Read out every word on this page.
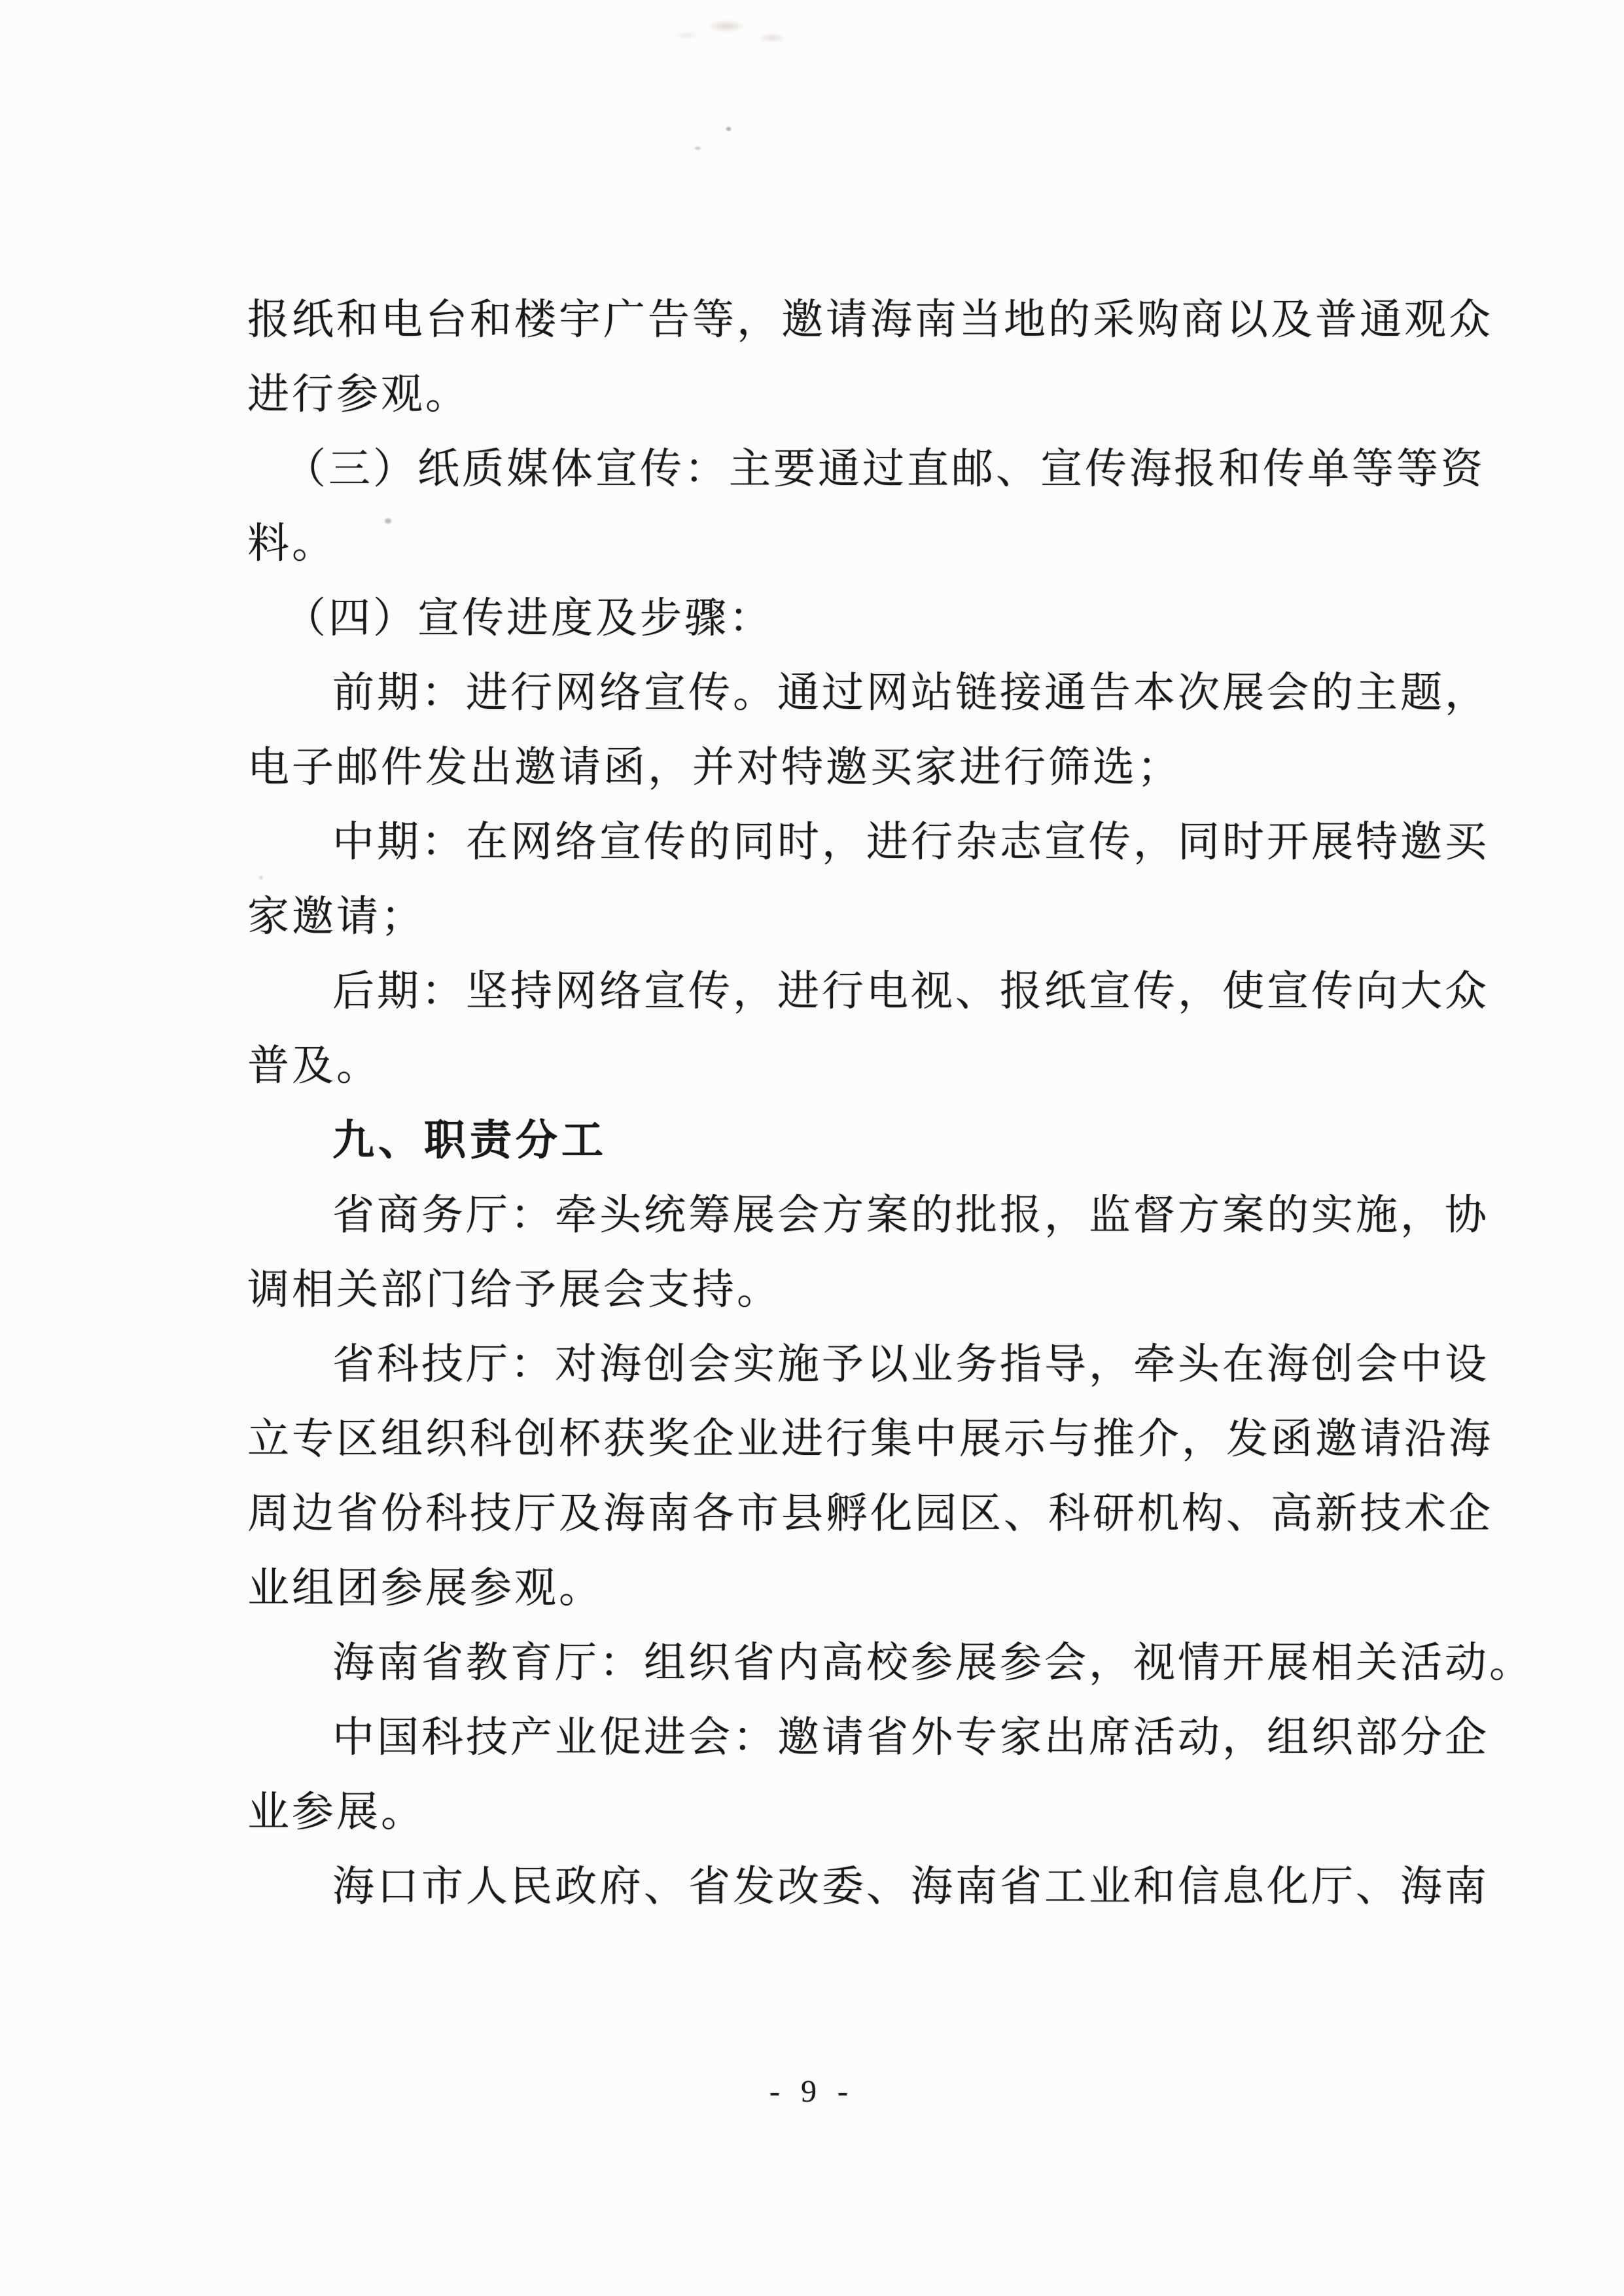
报纸和电台和楼宇广告等，邀请海南当地的采购商以及普通观众
进行参观。
（三）纸质媒体宣传：主要通过直邮、宣传海报和传单等等资
料。
（四）宣传进度及步骤：
前期：进行网络宣传。通过网站链接通告本次展会的主题，
电子邮件发出邀请函，并对特邀买家进行筛选；
中期：在网络宣传的同时，进行杂志宣传，同时开展特邀买
家邀请；
后期：坚持网络宣传，进行电视、报纸宣传，使宣传向大众
普及。
九、职责分工
省商务厅：牵头统筹展会方案的批报，监督方案的实施，协
调相关部门给予展会支持。
省科技厅：对海创会实施予以业务指导，牵头在海创会中设
立专区组织科创杯获奖企业进行集中展示与推介，发函邀请沿海
周边省份科技厅及海南各市县孵化园区、科研机构、高新技术企
业组团参展参观。
海南省教育厅：组织省内高校参展参会，视情开展相关活动。
中国科技产业促进会：邀请省外专家出席活动，组织部分企
业参展。
海口市人民政府、省发改委、海南省工业和信息化厅、海南
- 9 -
